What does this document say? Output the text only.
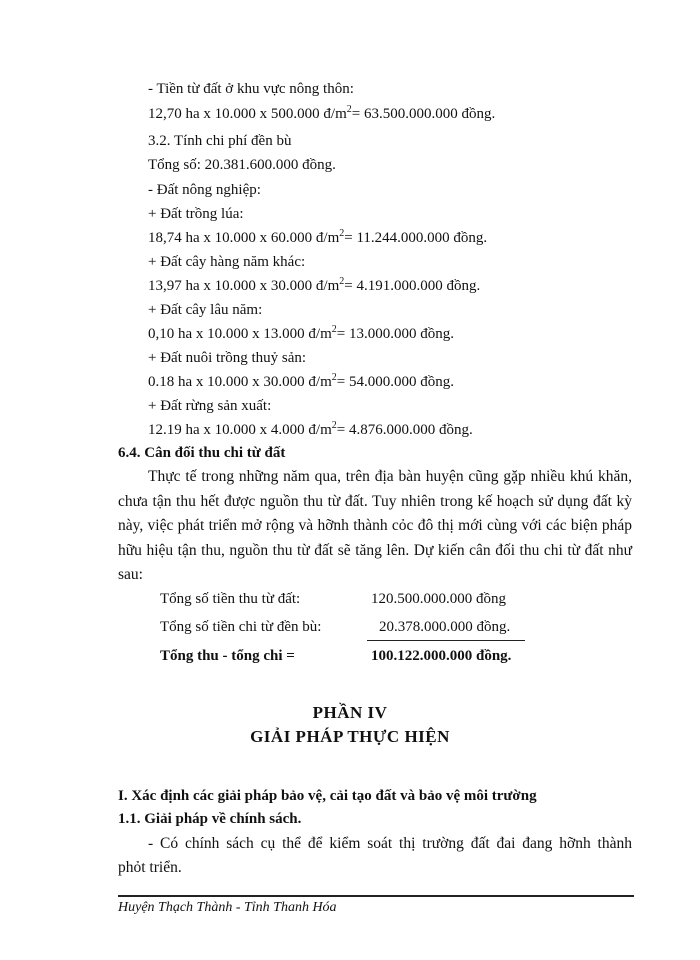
- Tiền từ đất ở khu vực nông thôn:
12,70 ha x 10.000 x 500.000 $đ/m^2= 63.500.000.000$ đồng.
3.2. Tính chi phí đền bù
Tổng số: 20.381.600.000 đồng.
- Đất nông nghiệp:
+ Đất trồng lúa:
18,74 ha x 10.000 x 60.000 $đ/m^2= 11.244.000.000$ đồng.
+ Đất cây hàng năm khác:
13,97 ha x 10.000 x 30.000 $đ/m^2= 4.191.000.000$ đồng.
+ Đất cây lâu năm:
0,10 ha x 10.000 x 13.000 $đ/m^2= 13.000.000$ đồng.
+ Đất nuôi trồng thuỷ sản:
0.18 ha x 10.000 x 30.000 $đ/m^2= 54.000.000$ đồng.
+ Đất rừng sản xuất:
12.19 ha x 10.000 x 4.000 $đ/m^2= 4.876.000.000$ đồng.
6.4. Cân đối thu chi từ đất
Thực tế trong những năm qua, trên địa bàn huyện cũng gặp nhiều khú khăn, chưa tận thu hết được nguồn thu từ đất. Tuy nhiên trong kế hoạch sử dụng đất kỳ này, việc phát triển mở rộng và hỡnh thành cỏc đô thị mới cùng với các biện pháp hữu hiệu tận thu, nguồn thu từ đất sẽ tăng lên. Dự kiến cân đối thu chi từ đất như sau:
Tổng số tiền thu từ đất:	120.500.000.000 đồng
Tổng số tiền chi từ đền bù:	20.378.000.000 đồng.
Tổng thu - tổng chi =	100.122.000.000 đồng.
PHẦN IV
GIẢI PHÁP THỰC HIỆN
I. Xác định các giải pháp bảo vệ, cải tạo đất và bảo vệ môi trường
1.1. Giải pháp về chính sách.
- Có chính sách cụ thể để kiểm soát thị trường đất đai đang hỡnh thành
phỏt triển.
Huyện Thạch Thành - Tỉnh Thanh Hóa
